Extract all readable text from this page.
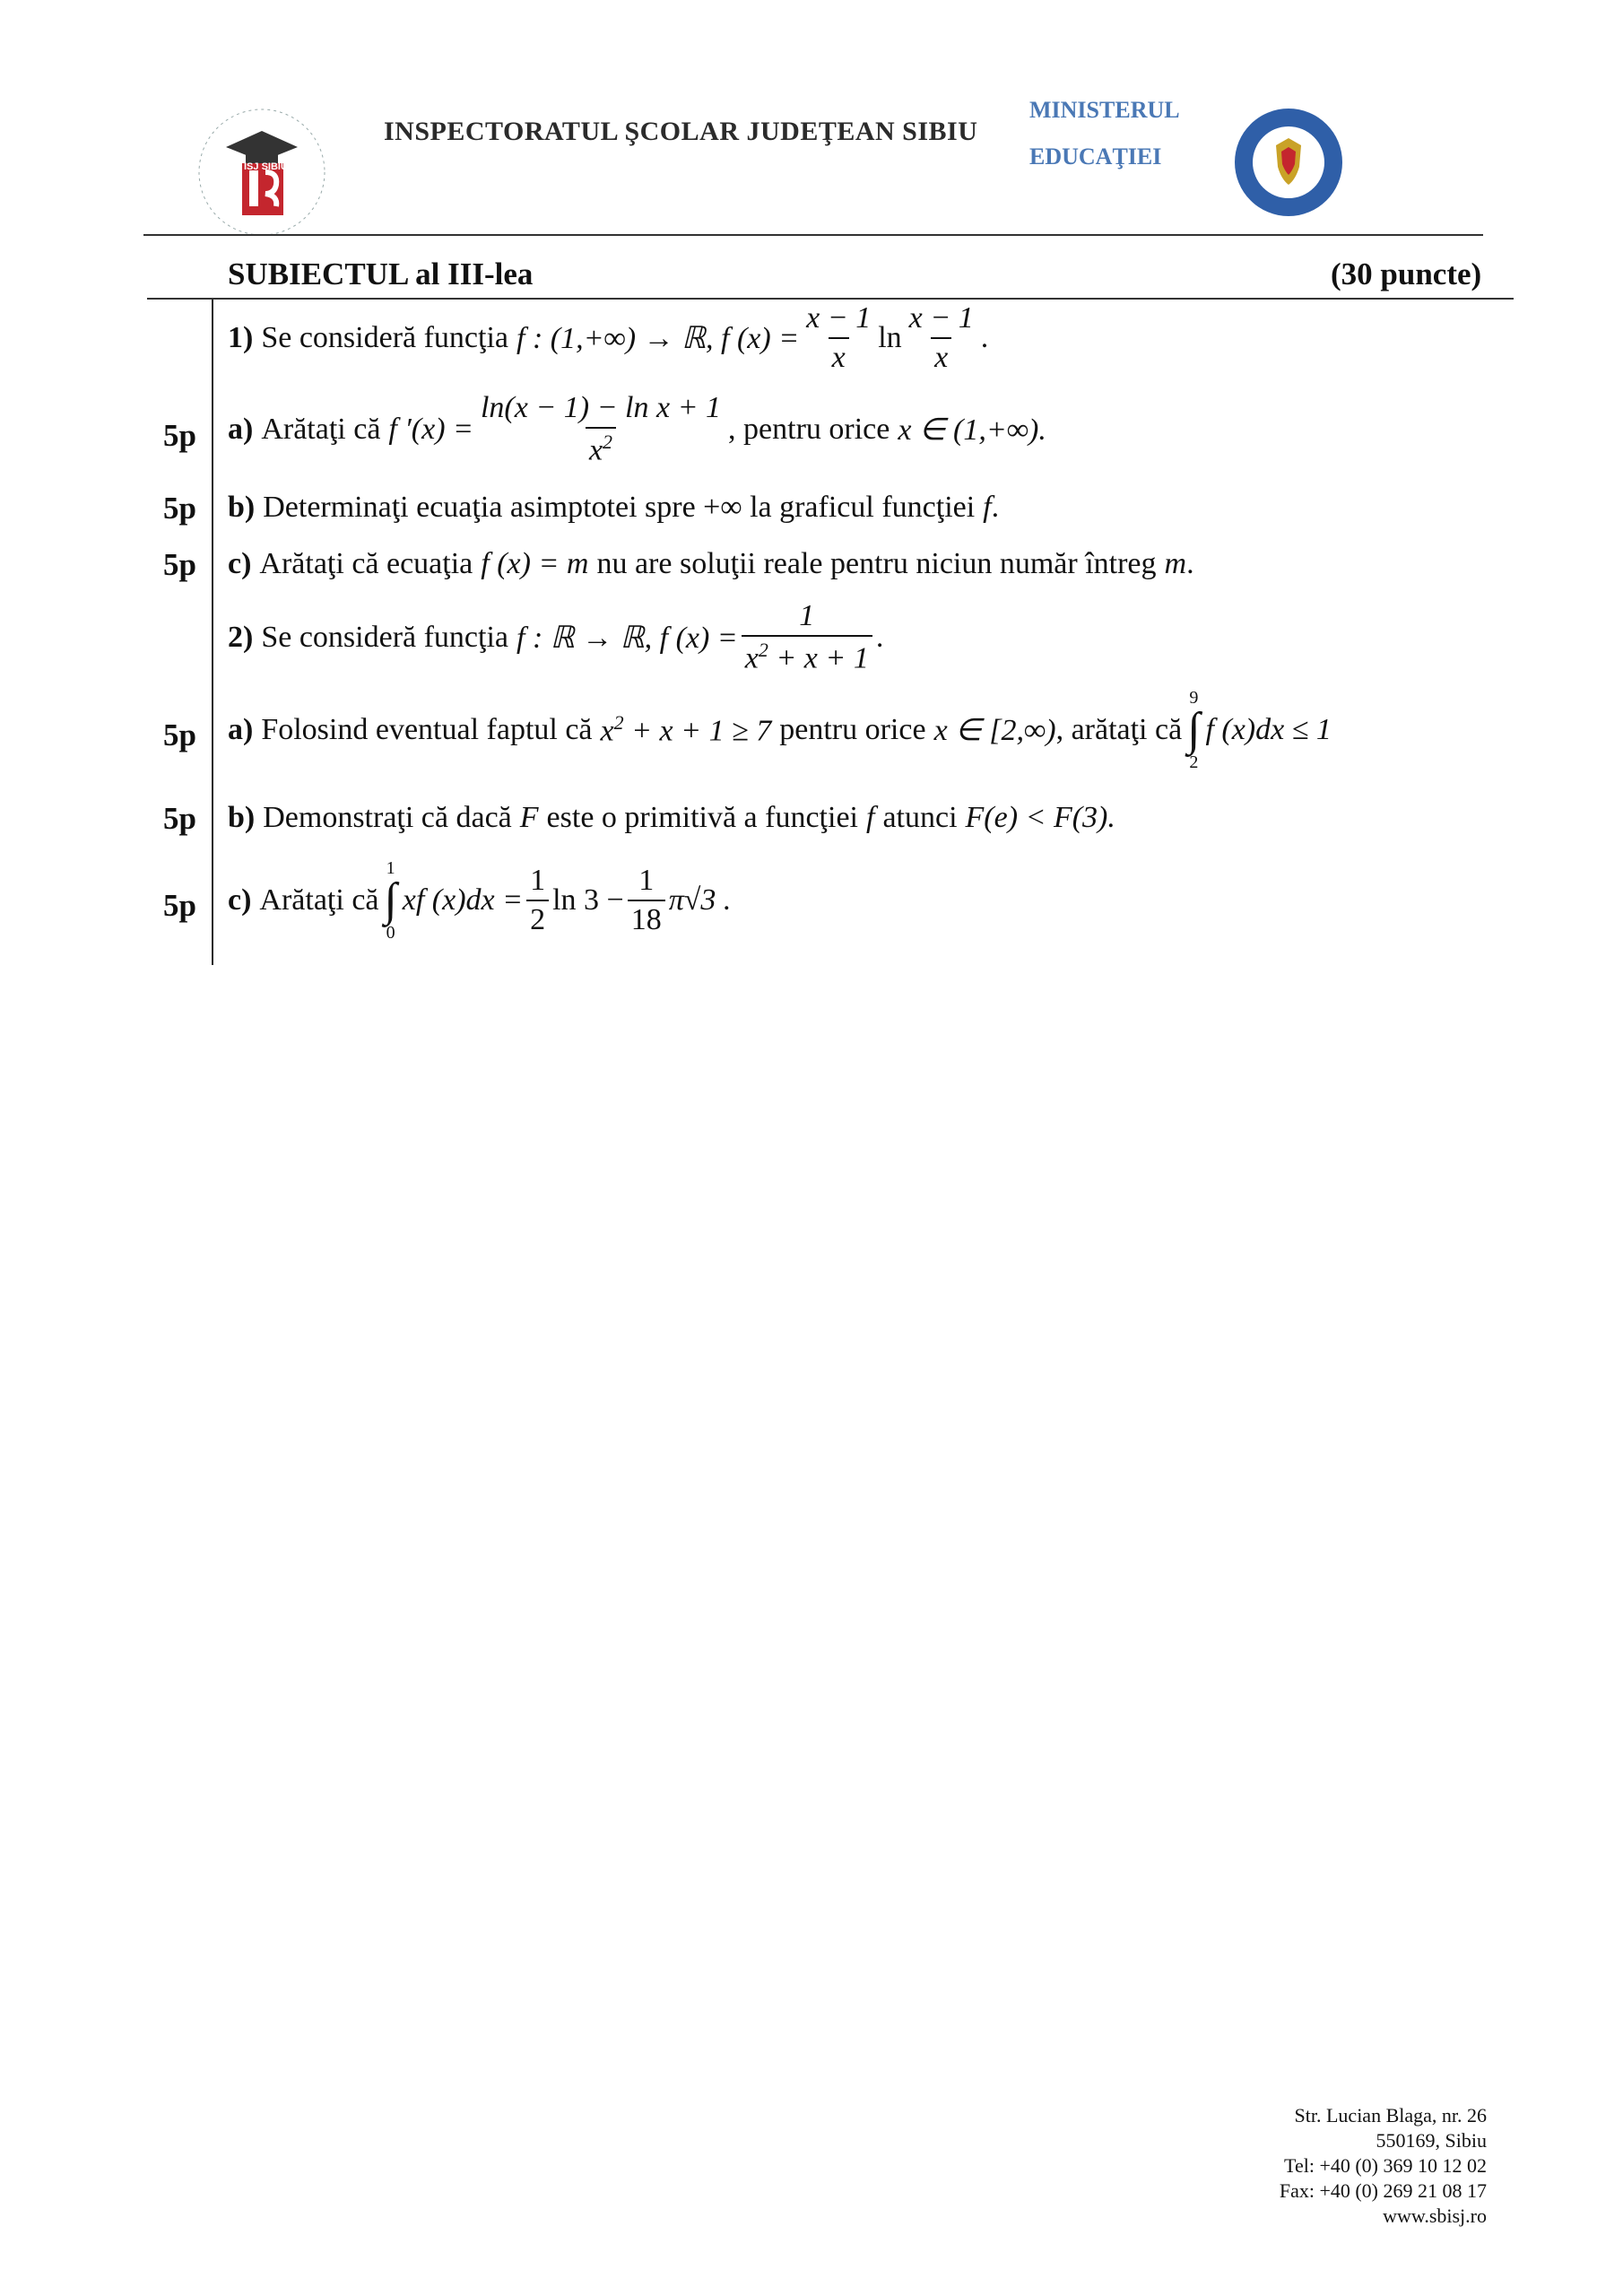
ISJ SIBIU
INSPECTORATUL ŞCOLAR JUDEŢEAN SIBIU
MINISTERUL
EDUCAŢIEI
SUBIECTUL al III-lea	(30 puncte)
1) Se consideră funcţia f : (1,+∞) → ℝ, f $(x) = \frac{x - 1}{x}$ $\ln \frac{x - 1}{x}$ .
5p a) Arătaţi că f $'(x) = \frac{\text{ln(x − 1) − ln x + 1}}{x^2}$ , pentru orice x ∈ (1,+∞).
5p b) Determinaţi ecuaţia asimptotei spre +∞ la graficul funcţiei f .
5p c) Arătaţi că ecuaţia f (x) = m nu are soluţii reale pentru niciun număr întreg m .
2) Se consideră funcţia f : ℝ → ℝ, f $(x) = \frac{1}{x^2 + x + 1}$ .
5p a) Folosind eventual faptul că $x^2 + x + 1 \ge 7$ pentru orice x ∈ [2,∞) , arătaţi că
9
∫
2
f (x)dx ≤ 1
5p b) Demonstraţi că dacă F este o primitivă a funcţiei f atunci F(e) < F(3).
5p c) Arătaţi că
1
∫
0
xf $(x)dx = \frac{1}{2}$ $\ln 3 - \frac{1}{18} \pi√3$ .
Str. Lucian Blaga, nr. 26
550169, Sibiu
Tel: +40 (0) 369 10 12 02
Fax: +40 (0) 269 21 08 17
www.sbisj.ro
